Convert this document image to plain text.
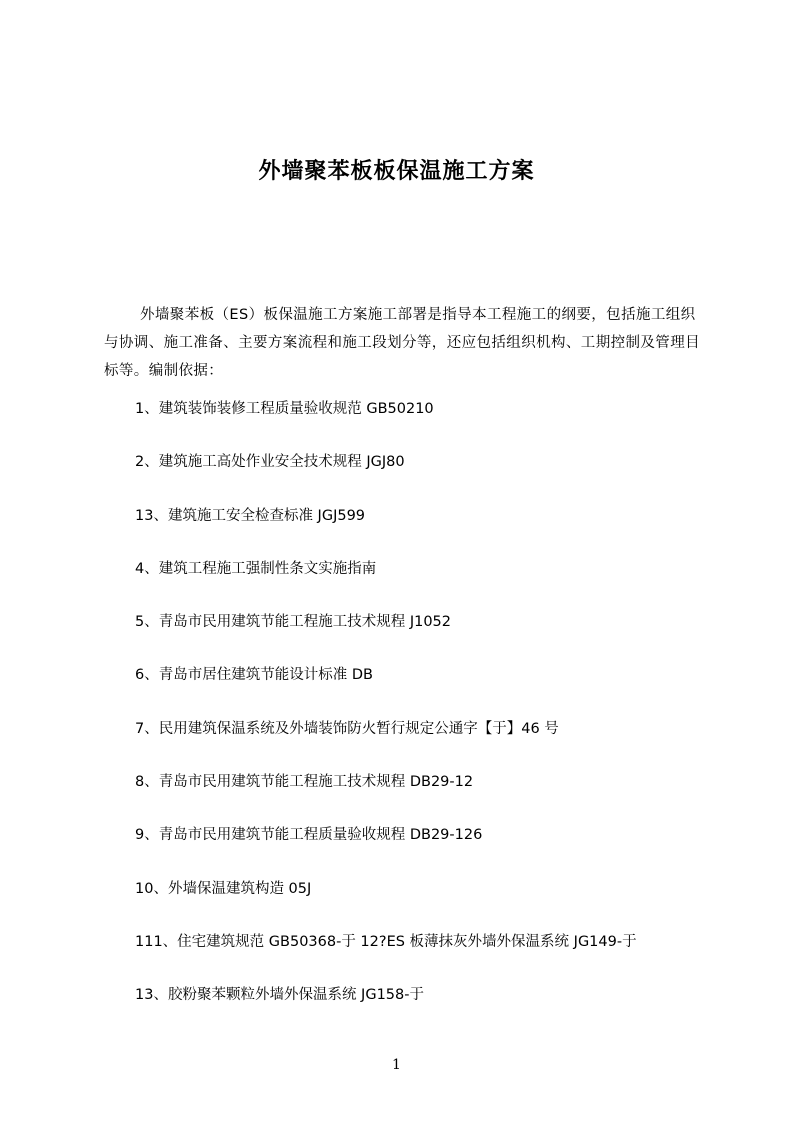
外墙聚苯板板保温施工方案

外墙聚苯板（ES）板保温施工方案施工部署是指导本工程施工的纲要，包括施工组织与协调、施工准备、主要方案流程和施工段划分等，还应包括组织机构、工期控制及管理目标等。编制依据：

1、建筑装饰装修工程质量验收规范 GB50210
2、建筑施工高处作业安全技术规程 JGJ80
13、建筑施工安全检查标准 JGJ599
4、建筑工程施工强制性条文实施指南
5、青岛市民用建筑节能工程施工技术规程 J1052
6、青岛市居住建筑节能设计标准 DB
7、民用建筑保温系统及外墙装饰防火暂行规定公通字【于】46 号
8、青岛市民用建筑节能工程施工技术规程 DB29-12
9、青岛市民用建筑节能工程质量验收规程 DB29-126
10、外墙保温建筑构造 05J
111、住宅建筑规范 GB50368-于 12?ES 板薄抹灰外墙外保温系统 JG149-于
13、胶粉聚苯颗粒外墙外保温系统 JG158-于
1
